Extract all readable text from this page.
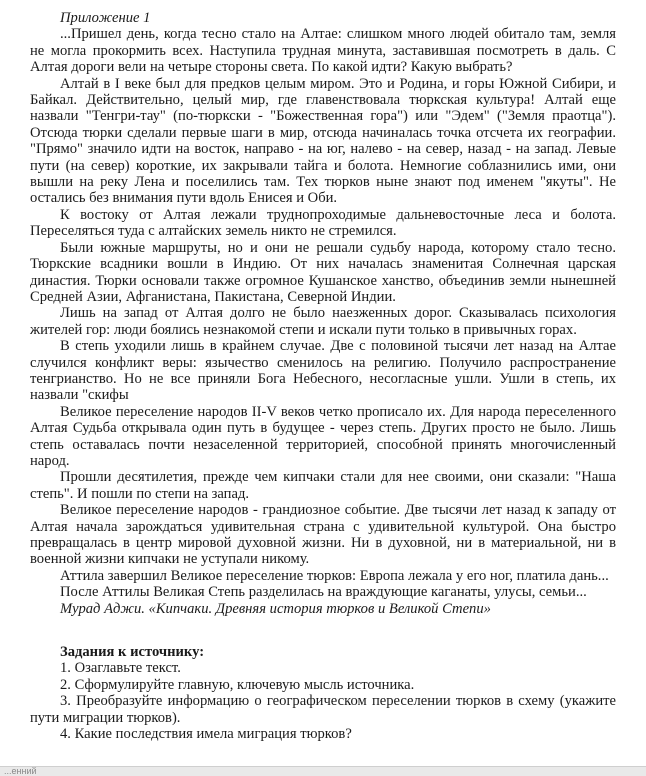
Приложение 1

...Пришел день, когда тесно стало на Алтае: слишком много людей обитало там, земля не могла прокормить всех. Наступила трудная минута, заставившая посмотреть в даль. С Алтая дороги вели на четыре стороны света. По какой идти? Какую выбрать?

Алтай в I веке был для предков целым миром. Это и Родина, и горы Южной Сибири, и Байкал. Действительно, целый мир, где главенствовала тюркская культура! Алтай еще назвали "Тенгри-тау" (по-тюркски - "Божественная гора") или "Эдем" ("Земля праотца"). Отсюда тюрки сделали первые шаги в мир, отсюда начиналась точка отсчета их географии. "Прямо" значило идти на восток, направо - на юг, налево - на север, назад - на запад. Левые пути (на север) короткие, их закрывали тайга и болота. Немногие соблазнились ими, они вышли на реку Лена и поселились там. Тех тюрков ныне знают под именем "якуты". Не остались без внимания пути вдоль Енисея и Оби.

К востоку от Алтая лежали труднопроходимые дальневосточные леса и болота. Переселяться туда с алтайских земель никто не стремился.

Были южные маршруты, но и они не решали судьбу народа, которому стало тесно. Тюркские всадники вошли в Индию. От них началась знаменитая Солнечная царская династия. Тюрки основали также огромное Кушанское ханство, объединив земли нынешней Средней Азии, Афганистана, Пакистана, Северной Индии.

Лишь на запад от Алтая долго не было наезженных дорог. Сказывалась психология жителей гор: люди боялись незнакомой степи и искали пути только в привычных горах.

В степь уходили лишь в крайнем случае. Две с половиной тысячи лет назад на Алтае случился конфликт веры: язычество сменилось на религию. Получило распространение тенгрианство. Но не все приняли Бога Небесного, несогласные ушли. Ушли в степь, их назвали "скифы

Великое переселение народов II-V веков четко прописало их. Для народа переселенного Алтая Судьба открывала один путь в будущее - через степь. Других просто не было. Лишь степь оставалась почти незаселенной территорией, способной принять многочисленный народ.

Прошли десятилетия, прежде чем кипчаки стали для нее своими, они сказали: "Наша степь". И пошли по степи на запад.

Великое переселение народов - грандиозное событие. Две тысячи лет назад к западу от Алтая начала зарождаться удивительная страна с удивительной культурой. Она быстро превращалась в центр мировой духовной жизни. Ни в духовной, ни в материальной, ни в военной жизни кипчаки не уступали никому.

Аттила завершил Великое переселение тюрков: Европа лежала у его ног, платила дань...

После Аттилы Великая Степь разделилась на враждующие каганаты, улусы, семьи...

Мурад Аджи. «Кипчаки. Древняя история тюрков и Великой Степи»
Задания к источнику:

1. Озаглавьте текст.

2. Сформулируйте главную, ключевую мысль источника.

3. Преобразуйте информацию о географическом переселении тюрков в схему (укажите пути миграции тюрков).

4. Какие последствия имела миграция тюрков?

...енний
